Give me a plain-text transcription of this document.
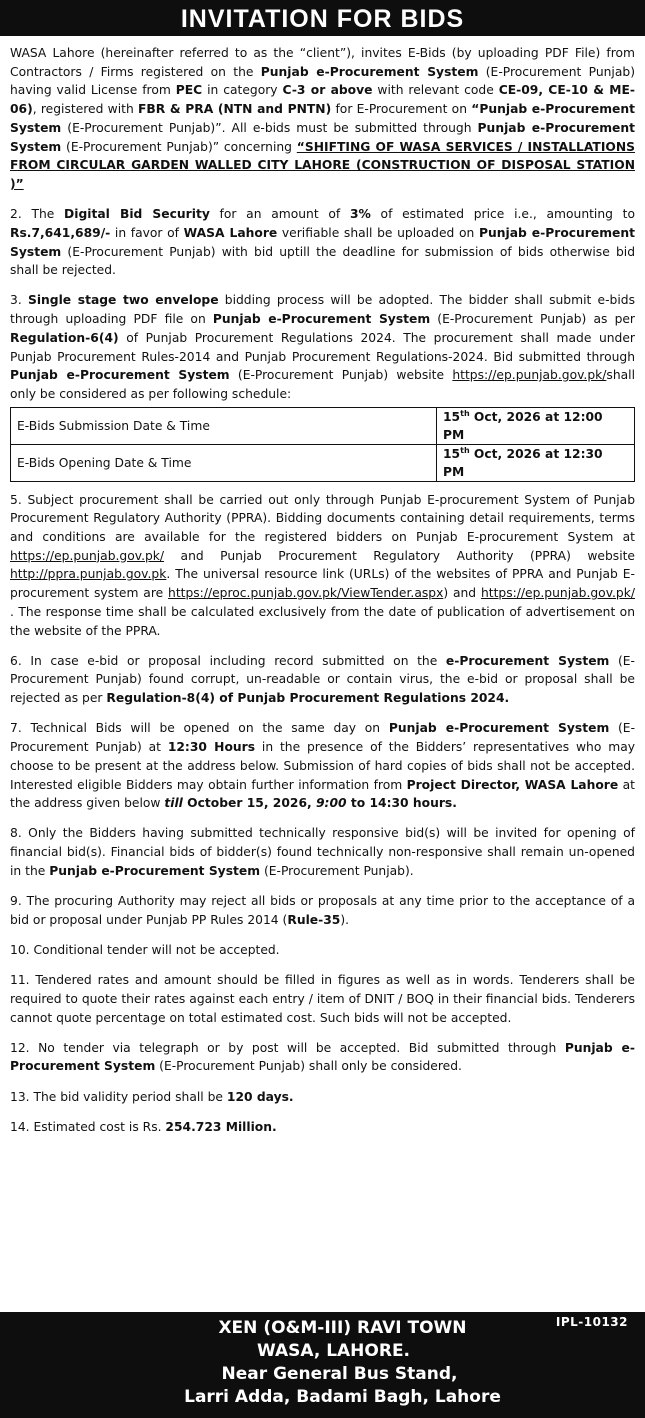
INVITATION FOR BIDS

WASA Lahore (hereinafter referred to as the “client”), invites E-Bids (by uploading PDF File) from Contractors / Firms registered on the Punjab e-Procurement System (E-Procurement Punjab) having valid License from PEC in category C-3 or above with relevant code CE-09, CE-10 & ME-06), registered with FBR & PRA (NTN and PNTN) for E-Procurement on “Punjab e-Procurement System (E-Procurement Punjab)”. All e-bids must be submitted through Punjab e-Procurement System (E-Procurement Punjab)” concerning “SHIFTING OF WASA SERVICES / INSTALLATIONS FROM CIRCULAR GARDEN WALLED CITY LAHORE (CONSTRUCTION OF DISPOSAL STATION )”

2. The Digital Bid Security for an amount of 3% of estimated price i.e., amounting to Rs.7,641,689/- in favor of WASA Lahore verifiable shall be uploaded on Punjab e-Procurement System (E-Procurement Punjab) with bid uptill the deadline for submission of bids otherwise bid shall be rejected.

3. Single stage two envelope bidding process will be adopted. The bidder shall submit e-bids through uploading PDF file on Punjab e-Procurement System (E-Procurement Punjab) as per Regulation-6(4) of Punjab Procurement Regulations 2024. The procurement shall made under Punjab Procurement Rules-2014 and Punjab Procurement Regulations-2024. Bid submitted through Punjab e-Procurement System (E-Procurement Punjab) website https://ep.punjab.gov.pk/shall only be considered as per following schedule:

E-Bids Submission Date & Time	15th Oct, 2026 at 12:00 PM
E-Bids Opening Date & Time	15th Oct, 2026 at 12:30 PM

5. Subject procurement shall be carried out only through Punjab E-procurement System of Punjab Procurement Regulatory Authority (PPRA). Bidding documents containing detail requirements, terms and conditions are available for the registered bidders on Punjab E-procurement System at https://ep.punjab.gov.pk/ and Punjab Procurement Regulatory Authority (PPRA) website http://ppra.punjab.gov.pk. The universal resource link (URLs) of the websites of PPRA and Punjab E-procurement system are https://eproc.punjab.gov.pk/ViewTender.aspx) and https://ep.punjab.gov.pk/ . The response time shall be calculated exclusively from the date of publication of advertisement on the website of the PPRA.

6. In case e-bid or proposal including record submitted on the e-Procurement System (E-Procurement Punjab) found corrupt, un-readable or contain virus, the e-bid or proposal shall be rejected as per Regulation-8(4) of Punjab Procurement Regulations 2024.

7. Technical Bids will be opened on the same day on Punjab e-Procurement System (E-Procurement Punjab) at 12:30 Hours in the presence of the Bidders’ representatives who may choose to be present at the address below. Submission of hard copies of bids shall not be accepted. Interested eligible Bidders may obtain further information from Project Director, WASA Lahore at the address given below till October 15, 2026, 9:00 to 14:30 hours.

8. Only the Bidders having submitted technically responsive bid(s) will be invited for opening of financial bid(s). Financial bids of bidder(s) found technically non-responsive shall remain un-opened in the Punjab e-Procurement System (E-Procurement Punjab).

9. The procuring Authority may reject all bids or proposals at any time prior to the acceptance of a bid or proposal under Punjab PP Rules 2014 (Rule-35).

10. Conditional tender will not be accepted.

11. Tendered rates and amount should be filled in figures as well as in words. Tenderers shall be required to quote their rates against each entry / item of DNIT / BOQ in their financial bids. Tenderers cannot quote percentage on total estimated cost. Such bids will not be accepted.

12. No tender via telegraph or by post will be accepted. Bid submitted through Punjab e-Procurement System (E-Procurement Punjab) shall only be considered.

13. The bid validity period shall be 120 days.

14. Estimated cost is Rs. 254.723 Million.

IPL-10132
XEN (O&M-III) RAVI TOWN
WASA, LAHORE.
Near General Bus Stand,
Larri Adda, Badami Bagh, Lahore
